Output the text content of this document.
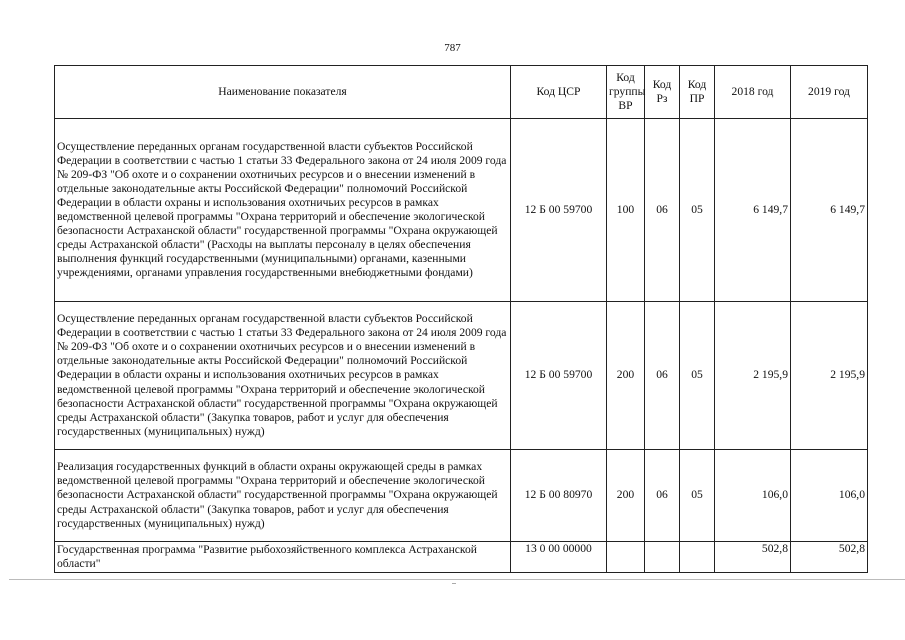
787
Наименование показателя	Код ЦСР	Код группы ВР	Код Рз	Код ПР	2018 год	2019 год
Осуществление переданных органам государственной власти субъектов Российской Федерации в соответствии с частью 1 статьи 33 Федерального закона от 24 июля 2009 года № 209-ФЗ "Об охоте и о сохранении охотничьих ресурсов и о внесении изменений в отдельные законодательные акты Российской Федерации" полномочий Российской Федерации в области охраны и использования охотничьих ресурсов в рамках ведомственной целевой программы "Охрана территорий и обеспечение экологической безопасности Астраханской области" государственной программы "Охрана окружающей среды Астраханской области" (Расходы на выплаты персоналу в целях обеспечения выполнения функций государственными (муниципальными) органами, казенными учреждениями, органами управления государственными внебюджетными фондами)	12 Б 00 59700	100	06	05	6 149,7	6 149,7
Осуществление переданных органам государственной власти субъектов Российской Федерации в соответствии с частью 1 статьи 33 Федерального закона от 24 июля 2009 года № 209-ФЗ "Об охоте и о сохранении охотничьих ресурсов и о внесении изменений в отдельные законодательные акты Российской Федерации" полномочий Российской Федерации в области охраны и использования охотничьих ресурсов в рамках ведомственной целевой программы "Охрана территорий и обеспечение экологической безопасности Астраханской области" государственной программы "Охрана окружающей среды Астраханской области" (Закупка товаров, работ и услуг для обеспечения государственных (муниципальных) нужд)	12 Б 00 59700	200	06	05	2 195,9	2 195,9
Реализация государственных функций в области охраны окружающей среды в рамках ведомственной целевой программы "Охрана территорий и обеспечение экологической безопасности Астраханской области" государственной программы "Охрана окружающей среды Астраханской области" (Закупка товаров, работ и услуг для обеспечения государственных (муниципальных) нужд)	12 Б 00 80970	200	06	05	106,0	106,0
Государственная программа "Развитие рыбохозяйственного комплекса Астраханской области"	13 0 00 00000				502,8	502,8
